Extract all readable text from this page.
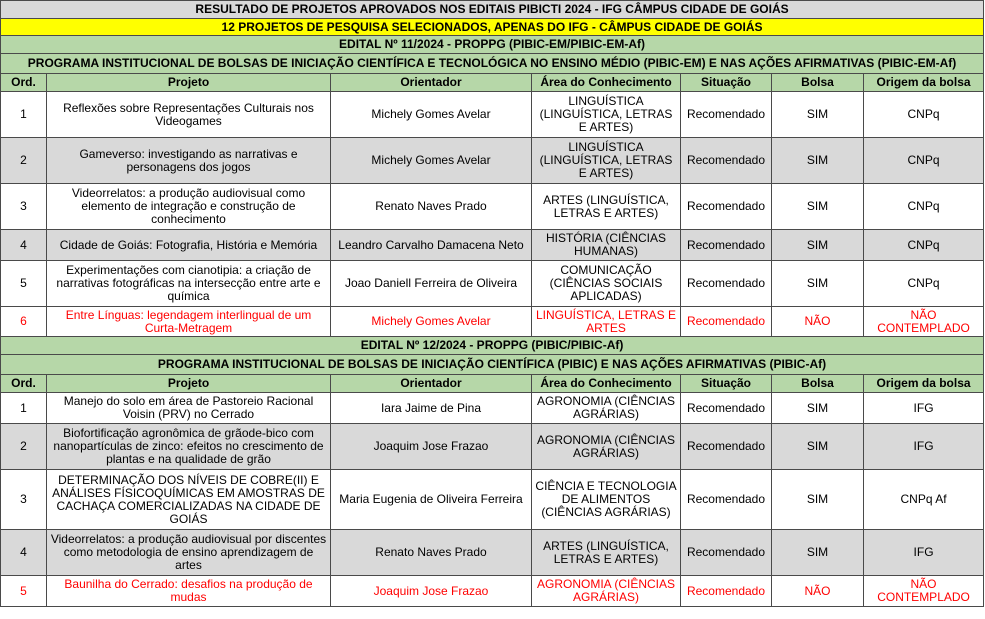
RESULTADO DE PROJETOS APROVADOS NOS EDITAIS PIBICTI 2024 - IFG CÂMPUS CIDADE DE GOIÁS						
12 PROJETOS DE PESQUISA SELECIONADOS, APENAS DO IFG - CÂMPUS CIDADE DE GOIÁS						
EDITAL Nº 11/2024 - PROPPG (PIBIC-EM/PIBIC-EM-Af)						
PROGRAMA INSTITUCIONAL DE BOLSAS DE INICIAÇÃO CIENTÍFICA E TECNOLÓGICA NO ENSINO MÉDIO (PIBIC-EM) E NAS AÇÕES AFIRMATIVAS (PIBIC-EM-Af)						
Ord.	Projeto	Orientador	Área do Conhecimento	Situação	Bolsa	Origem da bolsa
1	Reflexões sobre Representações Culturais nos Videogames	Michely Gomes Avelar	LINGUÍSTICA (LINGUÍSTICA, LETRAS E ARTES)	Recomendado	SIM	CNPq
2	Gameverso: investigando as narrativas e personagens dos jogos	Michely Gomes Avelar	LINGUÍSTICA (LINGUÍSTICA, LETRAS E ARTES)	Recomendado	SIM	CNPq
3	Videorrelatos: a produção audiovisual como elemento de integração e construção de conhecimento	Renato Naves Prado	ARTES (LINGUÍSTICA, LETRAS E ARTES)	Recomendado	SIM	CNPq
4	Cidade de Goiás: Fotografia, História e Memória	Leandro Carvalho Damacena Neto	HISTÓRIA (CIÊNCIAS HUMANAS)	Recomendado	SIM	CNPq
5	Experimentações com cianotipia: a criação de narrativas fotográficas na intersecção entre arte e química	Joao Daniell Ferreira de Oliveira	COMUNICAÇÃO (CIÊNCIAS SOCIAIS APLICADAS)	Recomendado	SIM	CNPq
6	Entre Línguas: legendagem interlingual de um Curta-Metragem	Michely Gomes Avelar	LINGUÍSTICA, LETRAS E ARTES	Recomendado	NÃO	NÃO CONTEMPLADO
EDITAL Nº 12/2024 - PROPPG (PIBIC/PIBIC-Af)						
PROGRAMA INSTITUCIONAL DE BOLSAS DE INICIAÇÃO CIENTÍFICA (PIBIC) E NAS AÇÕES AFIRMATIVAS (PIBIC-Af)						
Ord.	Projeto	Orientador	Área do Conhecimento	Situação	Bolsa	Origem da bolsa
1	Manejo do solo em área de Pastoreio Racional Voisin (PRV) no Cerrado	Iara Jaime de Pina	AGRONOMIA (CIÊNCIAS AGRÁRIAS)	Recomendado	SIM	IFG
2	Biofortificação agronômica de grãode-bico com nanopartículas de zinco: efeitos no crescimento de plantas e na qualidade de grão	Joaquim Jose Frazao	AGRONOMIA (CIÊNCIAS AGRÁRIAS)	Recomendado	SIM	IFG
3	DETERMINAÇÃO DOS NÍVEIS DE COBRE(II) E ANÁLISES FÍSICOQUÍMICAS EM AMOSTRAS DE CACHAÇA COMERCIALIZADAS NA CIDADE DE GOIÁS	Maria Eugenia de Oliveira Ferreira	CIÊNCIA E TECNOLOGIA DE ALIMENTOS (CIÊNCIAS AGRÁRIAS)	Recomendado	SIM	CNPq Af
4	Videorrelatos: a produção audiovisual por discentes como metodologia de ensino aprendizagem de artes	Renato Naves Prado	ARTES (LINGUÍSTICA, LETRAS E ARTES)	Recomendado	SIM	IFG
5	Baunilha do Cerrado: desafios na produção de mudas	Joaquim Jose Frazao	AGRONOMIA (CIÊNCIAS AGRÁRIAS)	Recomendado	NÃO	NÃO CONTEMPLADO
